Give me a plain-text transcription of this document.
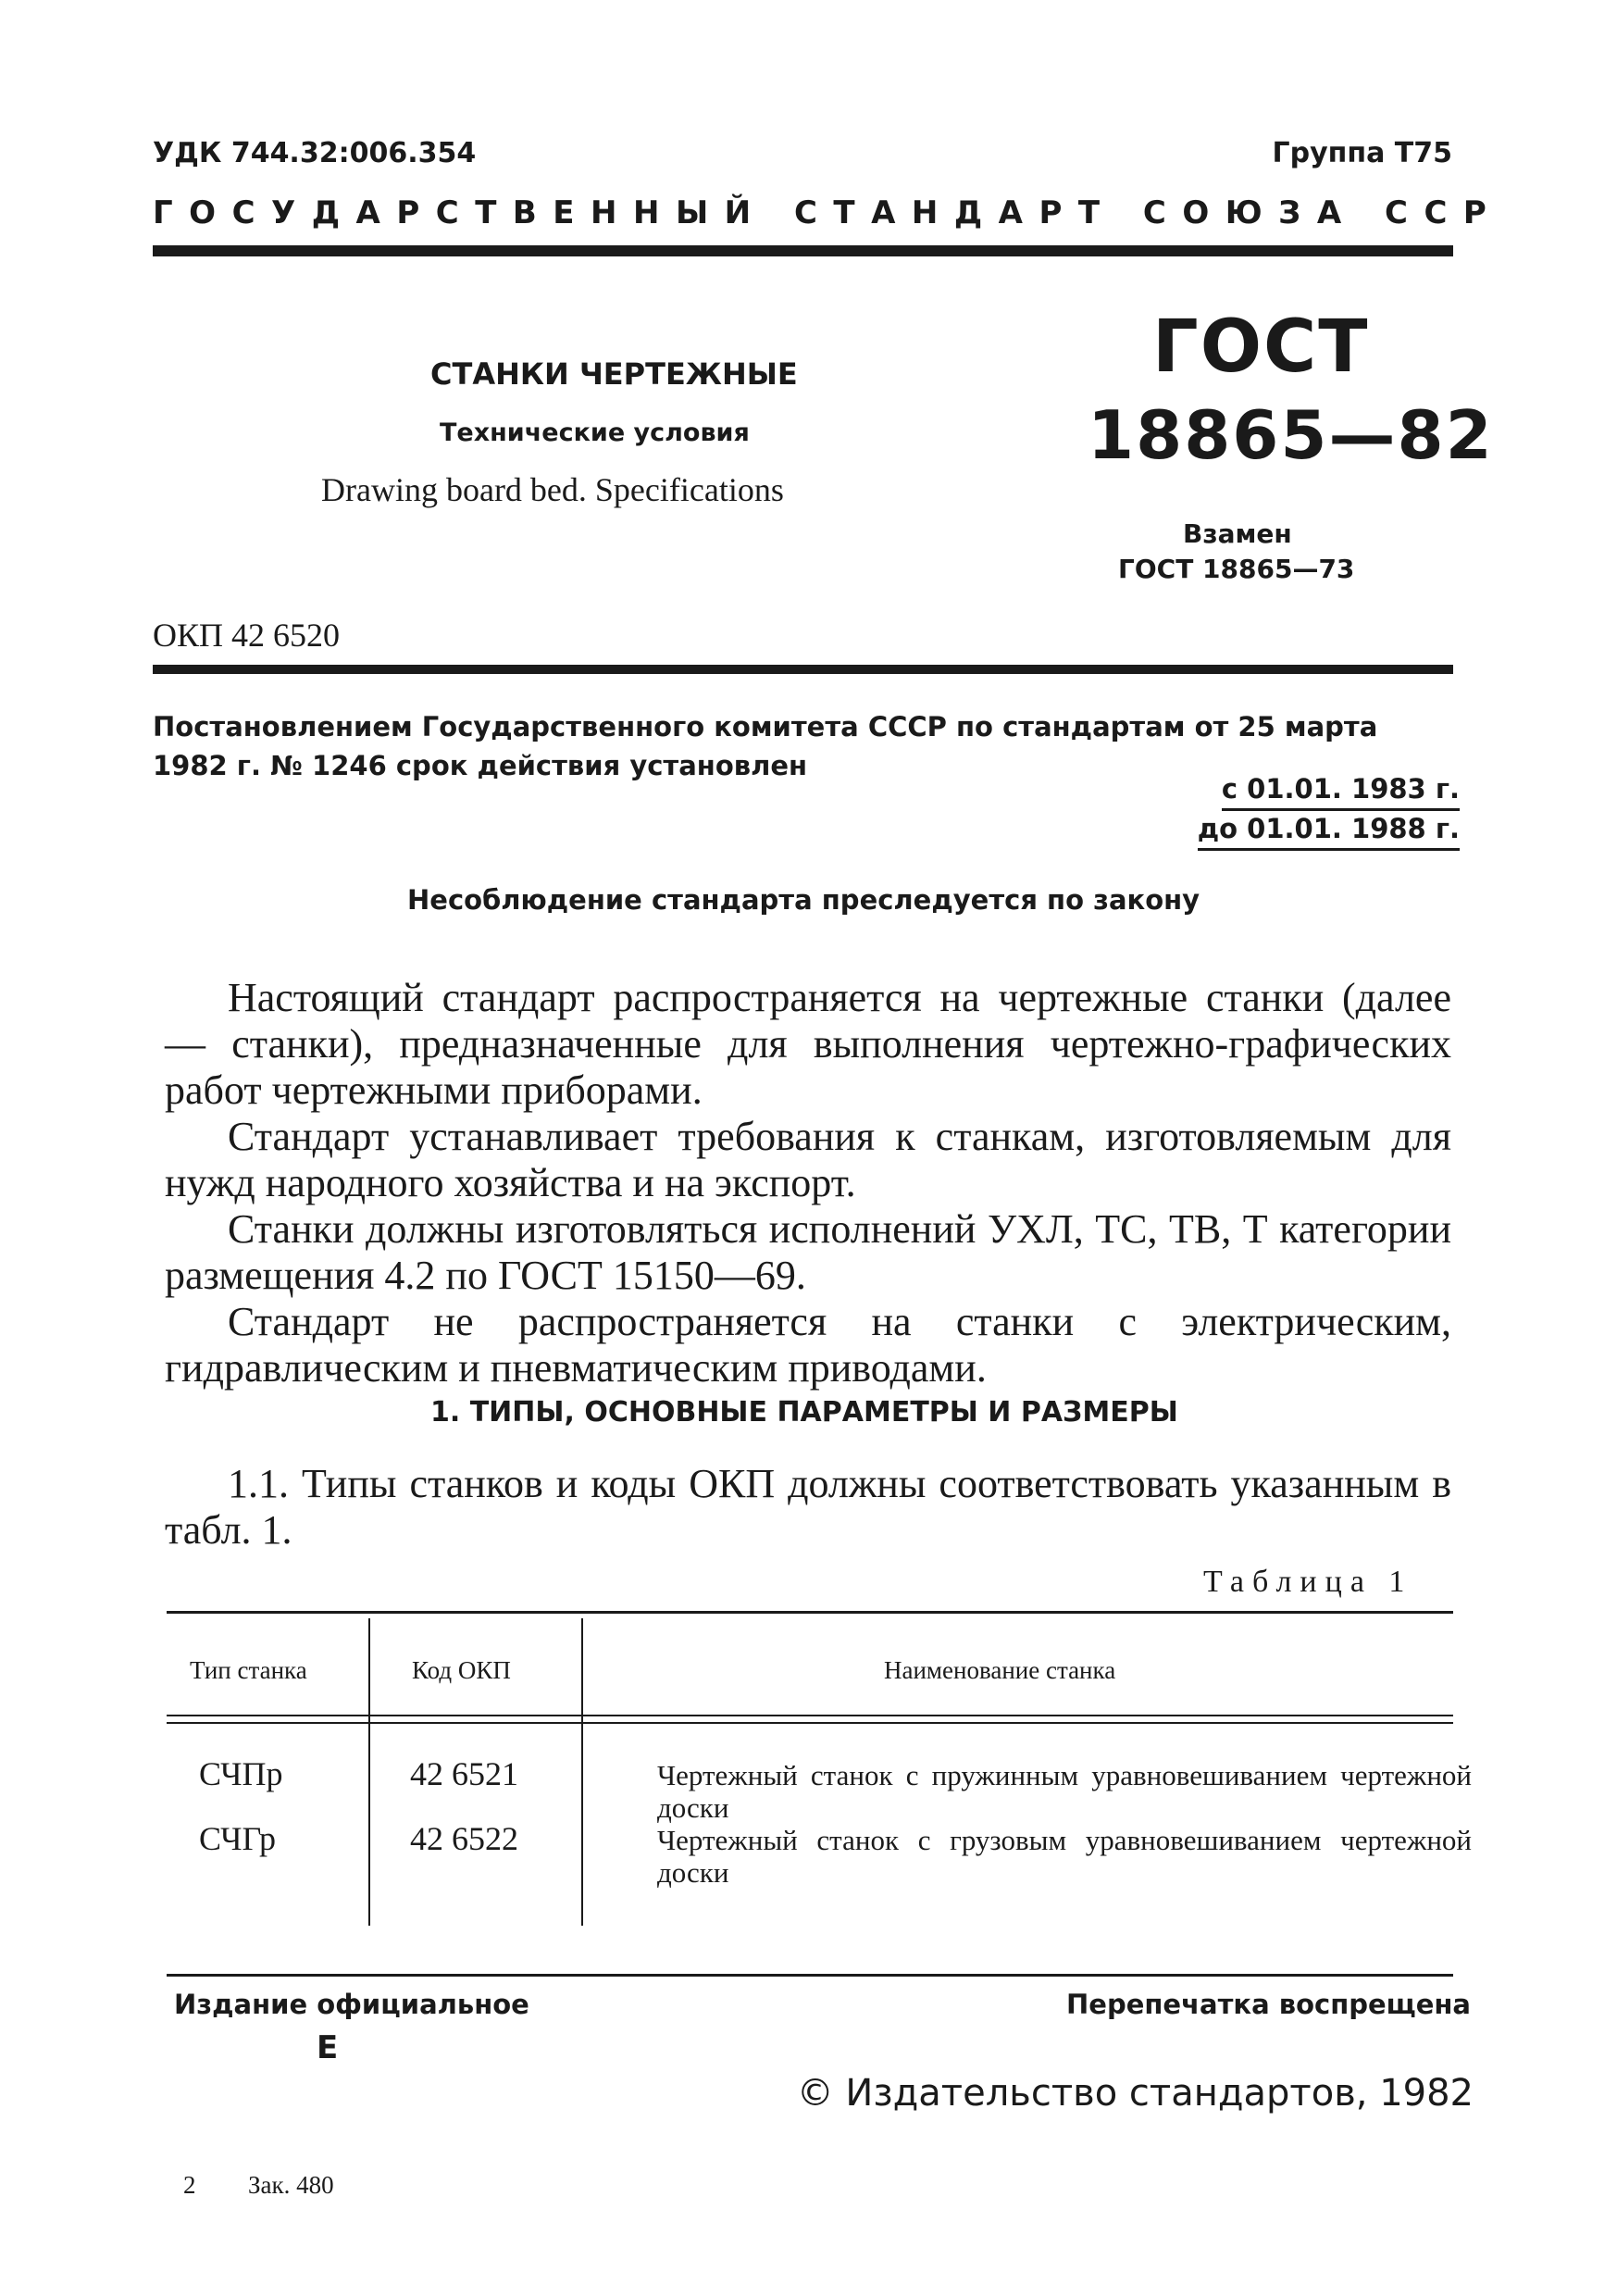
УДК 744.32:006.354	Группа Т75
ГОСУДАРСТВЕННЫЙ СТАНДАРТ СОЮЗА ССР
СТАНКИ ЧЕРТЕЖНЫЕ
Технические условия
Drawing board bed. Specifications
ГОСТ
18865—82
Взамен
ГОСТ 18865—73
ОКП 42 6520
Постановлением Государственного комитета СССР по стандартам от 25 марта
1982 г. № 1246 срок действия установлен
с 01.01. 1983 г.
до 01.01. 1988 г.
Несоблюдение стандарта преследуется по закону

Настоящий стандарт распространяется на чертежные станки (далее — станки), предназначенные для выполнения чертежно-графических работ чертежными приборами.

Стандарт устанавливает требования к станкам, изготовляемым для нужд народного хозяйства и на экспорт.

Станки должны изготовляться исполнений УХЛ, ТС, ТВ, Т категории размещения 4.2 по ГОСТ 15150—69.

Стандарт не распространяется на станки с электрическим, гидравлическим и пневматическим приводами.

1. ТИПЫ, ОСНОВНЫЕ ПАРАМЕТРЫ И РАЗМЕРЫ

1.1. Типы станков и коды ОКП должны соответствовать указанным в табл. 1.

Таблица 1
Тип станка	Код ОКП	Наименование станка
СЧПр	42 6521	Чертежный станок с пружинным уравновешиванием чертежной доски
СЧГр	42 6522	Чертежный станок с грузовым уравновешиванием чертежной доски
Издание официальное
Е
Перепечатка воспрещена
© Издательство стандартов, 1982
2 Зак. 480
